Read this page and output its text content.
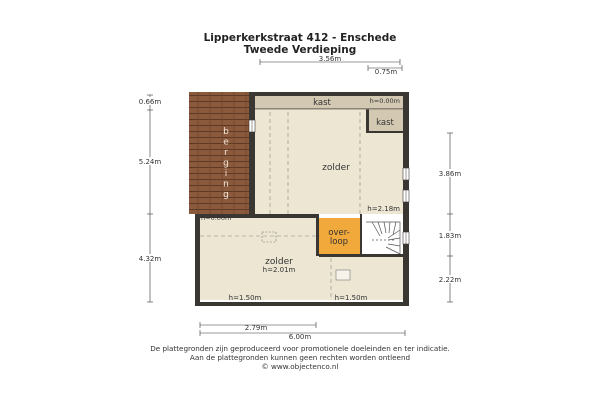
Lipperkerkstraat 412 - Enschede
Tweede Verdieping
kast	h=0.00m
kast
zolder
h=2.18m
zolder
h=2.01m
h=1.50m	h=1.50m
h=0.00m
over-
loop
b e r g i n g
3.56m
0.75m
0.66m
5.24m
4.32m
3.86m
1.83m
2.22m
2.79m
6.00m
De plattegronden zijn geproduceerd voor promotionele doeleinden en ter indicatie.
Aan de plattegronden kunnen geen rechten worden ontleend
© www.objectenco.nl
